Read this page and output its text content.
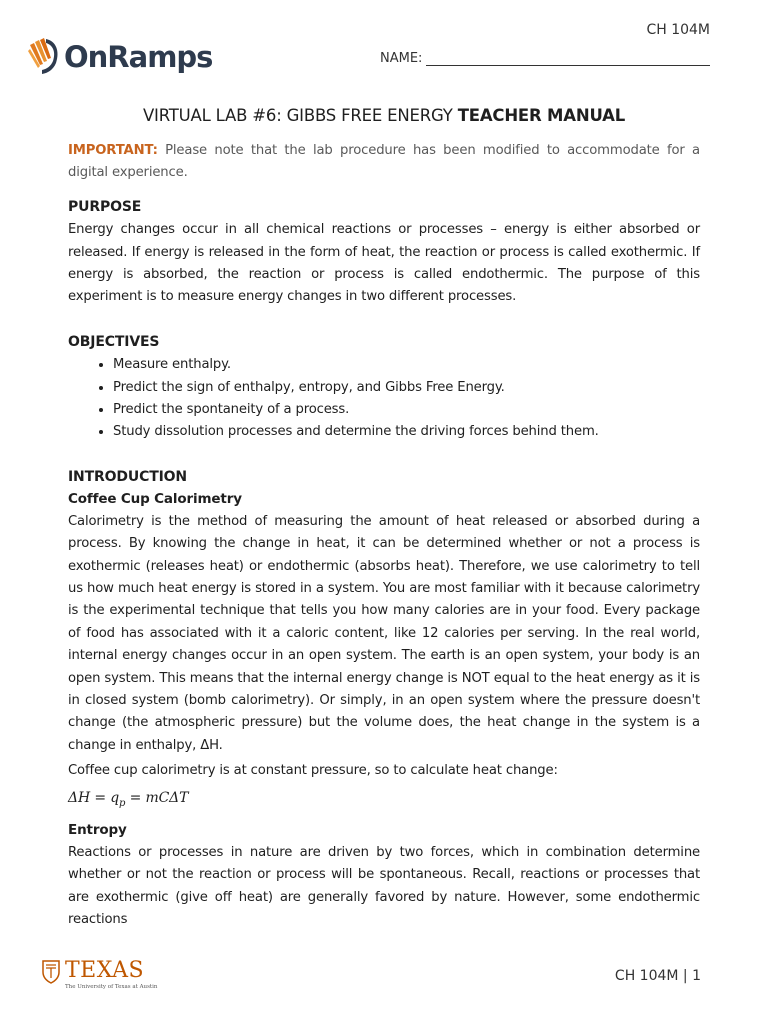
CH 104M
OnRamps	NAME:
VIRTUAL LAB #6: GIBBS FREE ENERGY TEACHER MANUAL

IMPORTANT: Please note that the lab procedure has been modified to accommodate for a digital experience.

PURPOSE

Energy changes occur in all chemical reactions or processes – energy is either absorbed or released. If energy is released in the form of heat, the reaction or process is called exothermic. If energy is absorbed, the reaction or process is called endothermic. The purpose of this experiment is to measure energy changes in two different processes.

OBJECTIVES

• Measure enthalpy.
• Predict the sign of enthalpy, entropy, and Gibbs Free Energy.
• Predict the spontaneity of a process.
• Study dissolution processes and determine the driving forces behind them.

INTRODUCTION

Coffee Cup Calorimetry

Calorimetry is the method of measuring the amount of heat released or absorbed during a process. By knowing the change in heat, it can be determined whether or not a process is exothermic (releases heat) or endothermic (absorbs heat). Therefore, we use calorimetry to tell us how much heat energy is stored in a system. You are most familiar with it because calorimetry is the experimental technique that tells you how many calories are in your food. Every package of food has associated with it a caloric content, like 12 calories per serving. In the real world, internal energy changes occur in an open system. The earth is an open system, your body is an open system. This means that the internal energy change is NOT equal to the heat energy as it is in closed system (bomb calorimetry). Or simply, in an open system where the pressure doesn't change (the atmospheric pressure) but the volume does, the heat change in the system is a change in enthalpy, ΔH.

Coffee cup calorimetry is at constant pressure, so to calculate heat change:

$\Delta H = q_p = mC\Delta T$

Entropy

Reactions or processes in nature are driven by two forces, which in combination determine whether or not the reaction or process will be spontaneous. Recall, reactions or processes that are exothermic (give off heat) are generally favored by nature. However, some endothermic reactions

TEXAS
The University of Texas at Austin
CH 104M | 1
